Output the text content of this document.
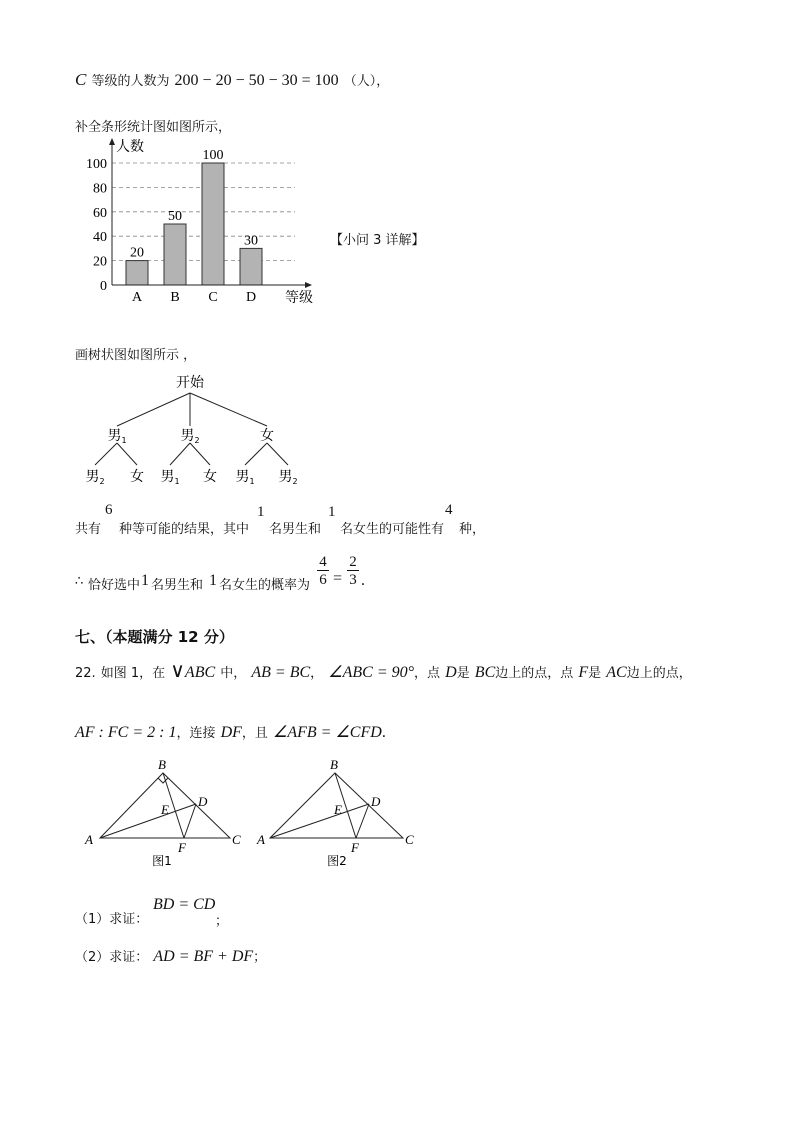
C 等级的人数为 200 − 20 − 50 − 30 = 100 （人），
补全条形统计图如图所示，
0
20
40
60
80
100
20
A
50
B
100
C
30
D
人数
等级
【小问 3 详解】
画树状图如图所示 ，
开始
男$_1$	男$_2$	女
男$_2$ 女 男$_1$ 女 男$_1$ 男$_2$
共有
6
种等可能的结果，其中
1
名男生和
1
名女生的可能性有
4
种，
∴ 恰好选中 1 名男生和 1 名女生的概率为
4
6 =
2
3 .
七、（本题满分 12 分）
22. 如图 1，在 ∨ABC 中， AB = BC， ∠ABC = 90°，点 D是 BC边上的点，点 F是 AC边上的点，
AF : FC = 2 : 1，连接 DF，且 ∠AFB = ∠CFD.
A
B
C
D
E
F
图1
A
B
C
D
E
F
图2
（1）求证：
BD = CD
；
（2）求证： AD = BF + DF；
